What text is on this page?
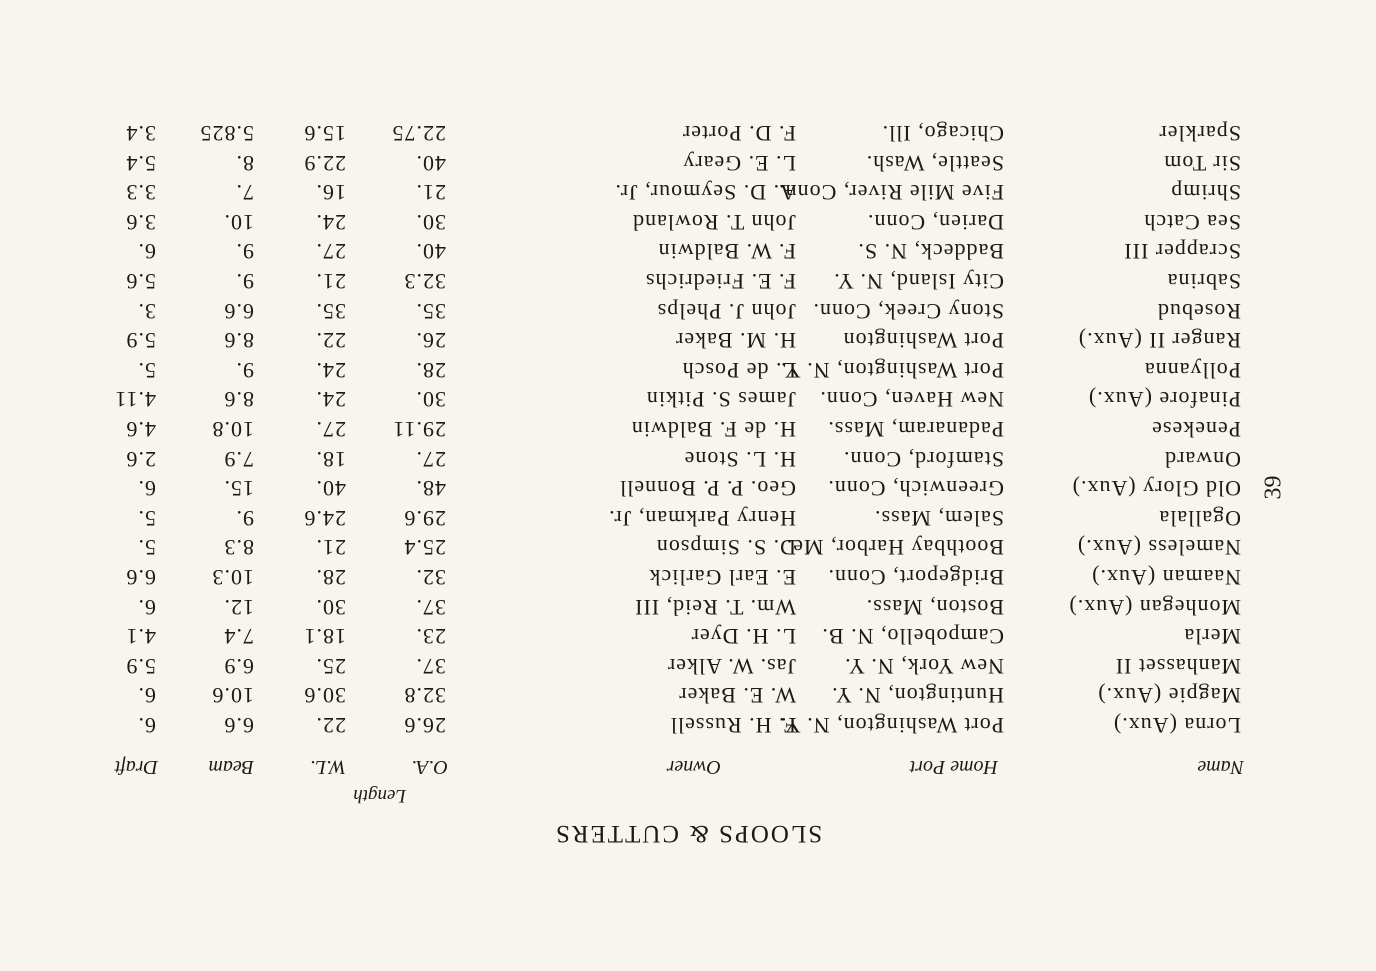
SLOOPS & CUTTERS
Length
Name
Home Port
Owner
O.A.
W.L.
Beam
Draft
Lorna (Aux.)
Port Washington, N. Y.
F. H. Russell
26.6
22.
6.6
6.
Magpie (Aux.)
Huntington, N. Y.
W. E. Baker
32.8
30.6
10.6
6.
Manhasset II
New York, N. Y.
Jas. W. Alker
37.
25.
6.9
5.9
Merla
Campobello, N. B.
L. H. Dyer
23.
18.1
7.4
4.1
Monhegan (Aux.)
Boston, Mass.
Wm. T. Reid, III
37.
30.
12.
6.
Naaman (Aux.)
Bridgeport, Conn.
E. Earl Garlick
32.
28.
10.3
6.6
Nameless (Aux.)
Boothbay Harbor, Me.
D. S. Simpson
25.4
21.
8.3
5.
Ogallala
Salem, Mass.
Henry Parkman, Jr.
29.6
24.6
9.
5.
Old Glory (Aux.)
Greenwich, Conn.
Geo. P. P. Bonnell
48.
40.
15.
6.
Onward
Stamford, Conn.
H. L. Stone
27.
18.
7.9
2.6
Penekese
Padanaram, Mass.
H. de F. Baldwin
29.11
27.
10.8
4.6
Pinafore (Aux.)
New Haven, Conn.
James S. Pitkin
30.
24.
8.6
4.11
Pollyanna
Port Washington, N. Y.
L. de Posch
28.
24.
9.
5.
Ranger II (Aux.)
Port Washington
H. M. Baker
26.
22.
8.6
5.9
Rosebud
Stony Creek, Conn.
John J. Phelps
35.
35.
6.6
3.
Sabrina
City Island, N. Y.
F. E. Friedrichs
32.3
21.
9.
5.6
Scrapper III
Baddeck, N. S.
F. W. Baldwin
40.
27.
9.
6.
Sea Catch
Darien, Conn.
John T. Rowland
30.
24.
10.
3.6
Shrimp
Five Mile River, Conn.
A. D. Seymour, Jr.
21.
16.
7.
3.3
Sir Tom
Seattle, Wash.
L. E. Geary
40.
22.9
8.
5.4
Sparkler
Chicago, Ill.
F. D. Porter
22.75
15.6
5.825
3.4
39
